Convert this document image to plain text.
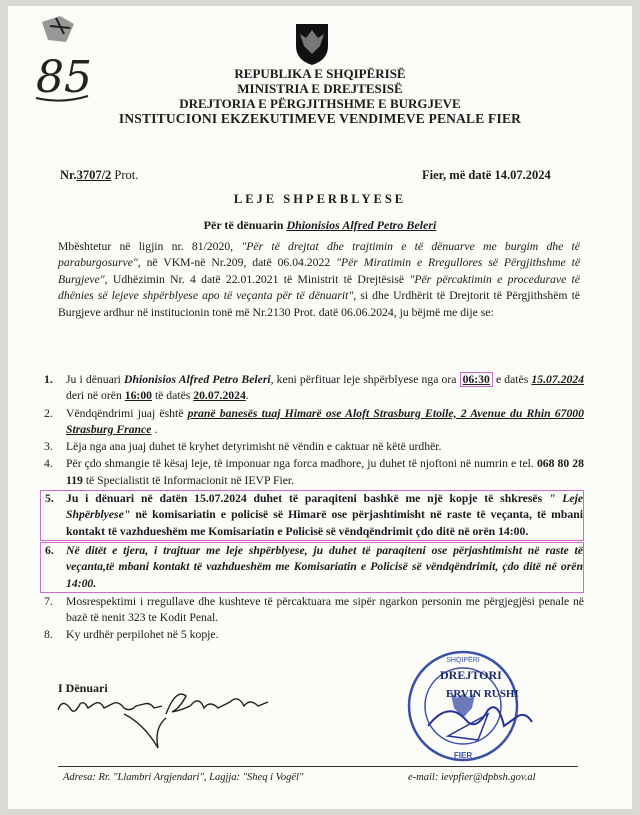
85	REPUBLIKA E SHQIPËRISË
MINISTRIA E DREJTESISË
DREJTORIA E PËRGJITHSHME E BURGJEVE
INSTITUCIONI EKZEKUTIMEVE VENDIMEVE PENALE FIER
Nr.3707/2 Prot.	Fier, më datë 14.07.2024
LEJE SHPERBLYESE
Për të dënuarin Dhionisios Alfred Petro Beleri
Mbështetur në ligjin nr. 81/2020, "Për të drejtat dhe trajtimin e të dënuarve me burgim dhe të paraburgosurve", në VKM-në Nr.209, datë 06.04.2022 "Për Miratimin e Rregullores së Përgjithshme të Burgjeve", Udhëzimin Nr. 4 datë 22.01.2021 të Ministrit të Drejtësisë "Për përcaktimin e procedurave të dhënies së lejeve shpërblyese apo të veçanta për të dënuarit", si dhe Urdhërit të Drejtorit të Përgjithshëm të Burgjeve ardhur në institucionin tonë më Nr.2130 Prot. datë 06.06.2024, ju bëjmë me dije se:
1. Ju i dënuari Dhionisios Alfred Petro Beleri, keni përfituar leje shpërblyese nga ora 06:30 e datës 15.07.2024 deri në orën 16:00 të datës 20.07.2024.
2. Vëndqëndrimi juaj është pranë banesës tuaj Himarë ose Aloft Strasburg Etoile, 2 Avenue du Rhin 67000 Strasburg France .
3. Lëja nga ana juaj duhet të kryhet detyrimisht në vëndin e caktuar në këtë urdhër.
4. Për çdo shmangie të kësaj leje, të imponuar nga forca madhore, ju duhet të njoftoni në numrin e tel. 068 80 28 119 të Specialistit të Informacionit në IEVP Fier.
5. Ju i dënuari në datën 15.07.2024 duhet të paraqiteni bashkë me një kopje të shkresës " Leje Shpërblyese" në komisariatin e policisë së Himarë ose përjashtimisht në raste të veçanta, të mbani kontakt të vazhdueshëm me Komisariatin e Policisë së vëndqëndrimit çdo ditë në orën 14:00.
6. Në ditët e tjera, i trajtuar me leje shpërblyese, ju duhet të paraqiteni ose përjashtimisht në raste të veçanta,të mbani kontakt të vazhdueshëm me Komisariatin e Policisë së vëndqëndrimit, çdo ditë në orën 14:00.
7. Mosrespektimi i rregullave dhe kushteve të përcaktuara me sipër ngarkon personin me përgjegjësi penale në bazë të nenit 323 te Kodit Penal.
8. Ky urdhër perpilohet në 5 kopje.
I Dënuari
SHQIPËRI
FIER
DREJTORI
ERVIN RUSHI
Adresa: Rr. "Llambri Argjendari", Lagjja: "Sheq i Vogël"	e-mail: ievpfier@dpbsh.gov.al
